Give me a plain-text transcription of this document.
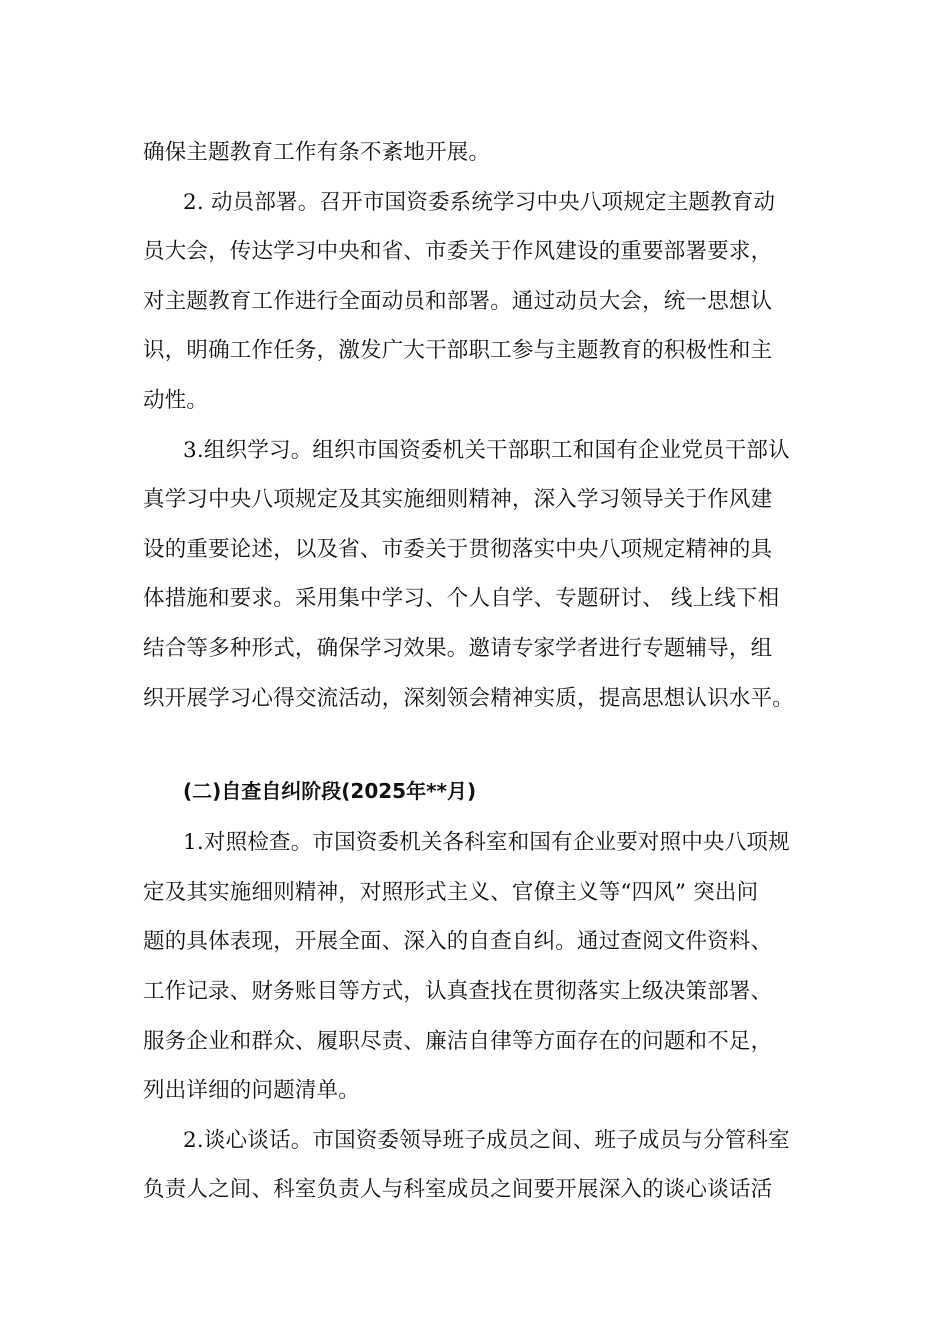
确保主题教育工作有条不紊地开展。
2. 动员部署。召开市国资委系统学习中央八项规定主题教育动
员大会，传达学习中央和省、市委关于作风建设的重要部署要求，
对主题教育工作进行全面动员和部署。通过动员大会，统一思想认
识，明确工作任务，激发广大干部职工参与主题教育的积极性和主
动性。
3.组织学习。组织市国资委机关干部职工和国有企业党员干部认
真学习中央八项规定及其实施细则精神，深入学习领导关于作风建
设的重要论述，以及省、市委关于贯彻落实中央八项规定精神的具
体措施和要求。采用集中学习、个人自学、专题研讨、 线上线下相
结合等多种形式，确保学习效果。邀请专家学者进行专题辅导，组
织开展学习心得交流活动，深刻领会精神实质，提高思想认识水平。
(二)自查自纠阶段(2025年**月)
1.对照检查。市国资委机关各科室和国有企业要对照中央八项规
定及其实施细则精神，对照形式主义、官僚主义等“四风” 突出问
题的具体表现，开展全面、深入的自查自纠。通过查阅文件资料、
工作记录、财务账目等方式，认真查找在贯彻落实上级决策部署、
服务企业和群众、履职尽责、廉洁自律等方面存在的问题和不足，
列出详细的问题清单。
2.谈心谈话。市国资委领导班子成员之间、班子成员与分管科室
负责人之间、科室负责人与科室成员之间要开展深入的谈心谈话活
